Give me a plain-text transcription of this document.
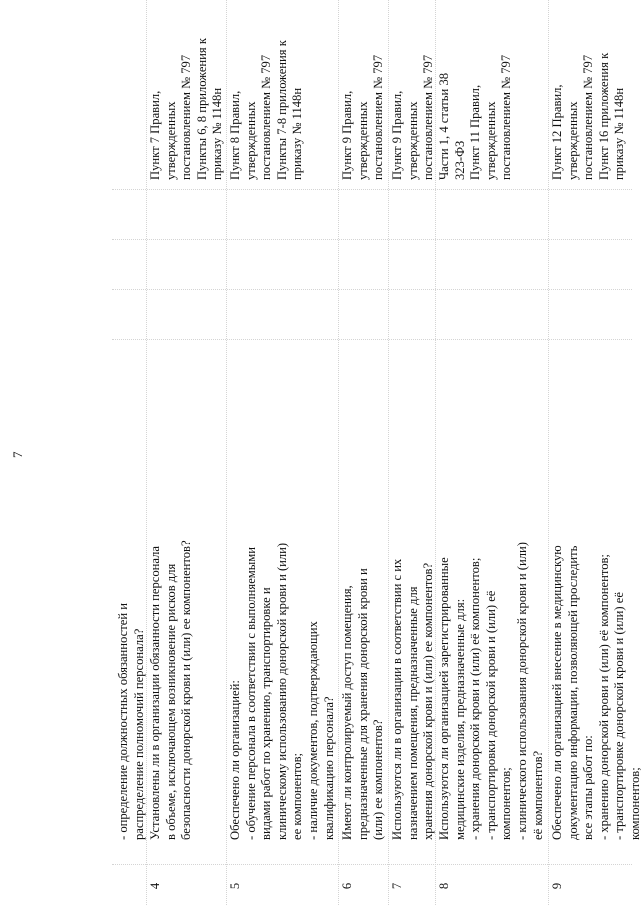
7
- определение должностных обязанностей и распределение полномочий персонала?
4
Установлены ли в организации обязанности персонала в объеме, исключающем возникновение рисков для безопасности донорской крови и (или) ее компонентов?
Пункт 7 Правил, утвержденных постановлением № 797 Пункты 6, 8 приложения к приказу № 1148н
5
Обеспечено ли организацией: - обучение персонала в соответствии с выполняемыми видами работ по хранению, транспортировке и клиническому использованию донорской крови и (или) ее компонентов; - наличие документов, подтверждающих квалификацию персонала?
Пункт 8 Правил, утвержденных постановлением № 797 Пункты 7-8 приложения к приказу № 1148н
6
Имеют ли контролируемый доступ помещения, предназначенные для хранения донорской крови и (или) ее компонентов?
Пункт 9 Правил, утвержденных постановлением № 797
7
Используются ли в организации в соответствии с их назначением помещения, предназначенные для хранения донорской крови и (или) ее компонентов?
Пункт 9 Правил, утвержденных постановлением № 797
8
Используются ли организацией зарегистрированные медицинские изделия, предназначенные для: - хранения донорской крови и (или) её компонентов; - транспортировки донорской крови и (или) её компонентов; - клинического использования донорской крови и (или) её компонентов?
Части 1, 4 статьи 38 323-ФЗ Пункт 11 Правил, утвержденных постановлением № 797
9
Обеспечено ли организацией внесение в медицинскую документацию информации, позволяющей проследить все этапы работ по: - хранению донорской крови и (или) её компонентов; - транспортировке донорской крови и (или) её компонентов;
Пункт 12 Правил, утвержденных постановлением № 797 Пункт 16 приложения к приказу № 1148н
